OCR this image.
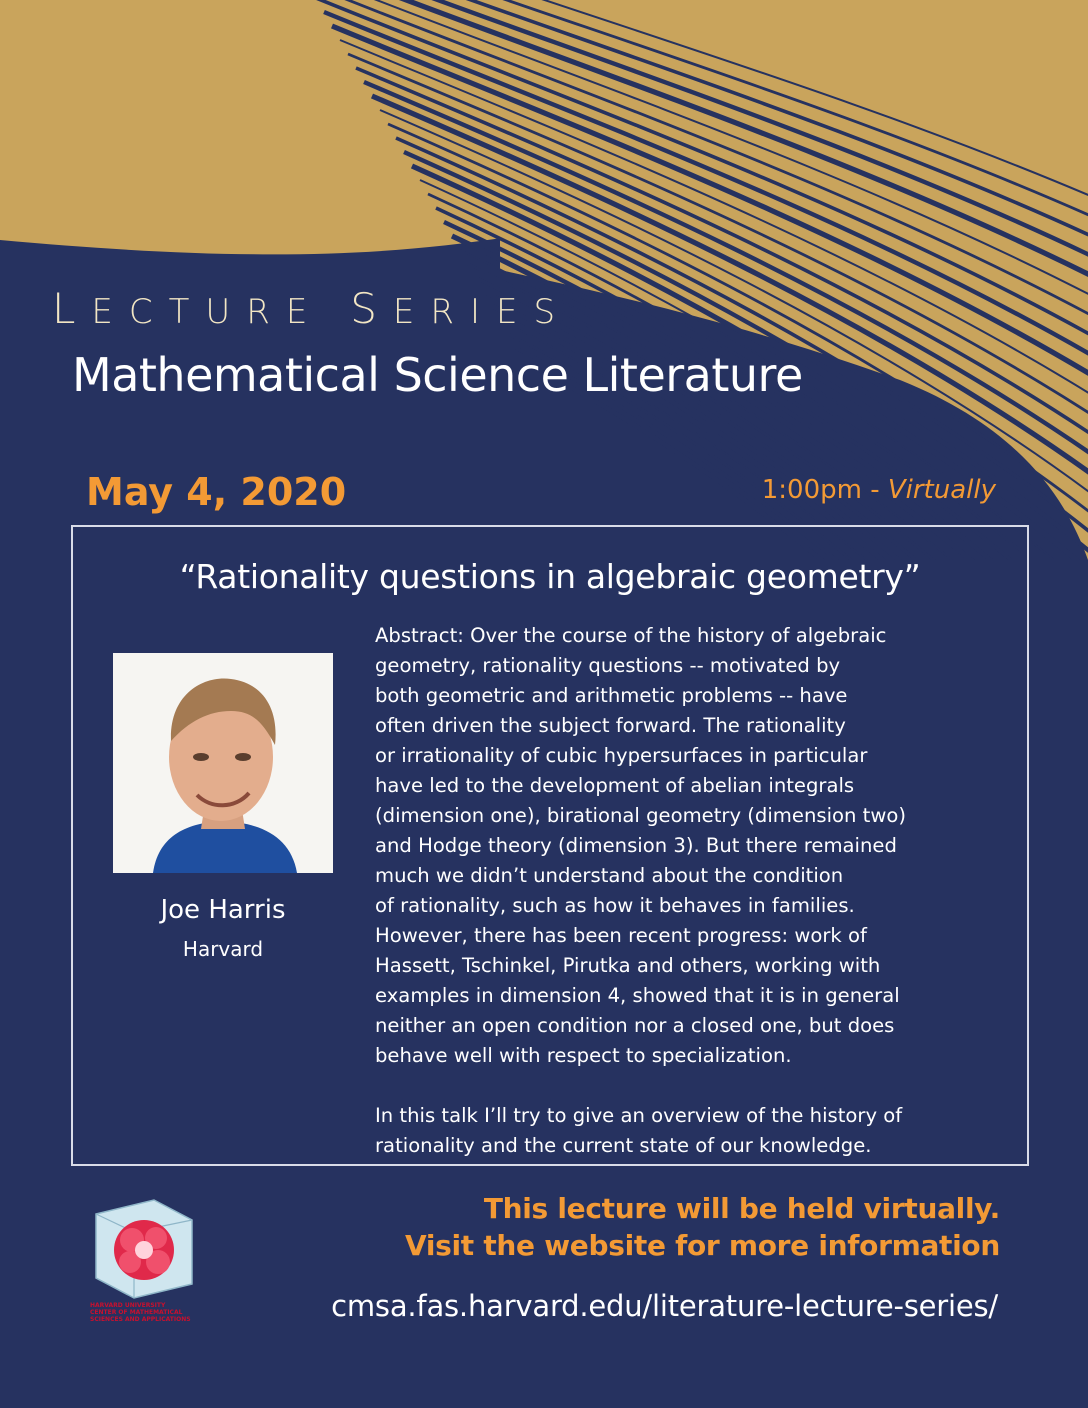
LECTURE SERIES
Mathematical Science Literature
May 4, 2020	1:00pm - Virtually
“Rationality questions in algebraic geometry”
Joe Harris
Harvard
Abstract: Over the course of the history of algebraic
geometry, rationality questions -- motivated by
both geometric and arithmetic problems -- have
often driven the subject forward. The rationality
or irrationality of cubic hypersurfaces in particular
have led to the development of abelian integrals
(dimension one), birational geometry (dimension two)
and Hodge theory (dimension 3). But there remained
much we didn’t understand about the condition
of rationality, such as how it behaves in families.
However, there has been recent progress: work of
Hassett, Tschinkel, Pirutka and others, working with
examples in dimension 4, showed that it is in general
neither an open condition nor a closed one, but does
behave well with respect to specialization.
In this talk I’ll try to give an overview of the history of
rationality and the current state of our knowledge.
HARVARD UNIVERSITY
CENTER OF MATHEMATICAL
SCIENCES AND APPLICATIONS
This lecture will be held virtually.
Visit the website for more information
cmsa.fas.harvard.edu/literature-lecture-series/
